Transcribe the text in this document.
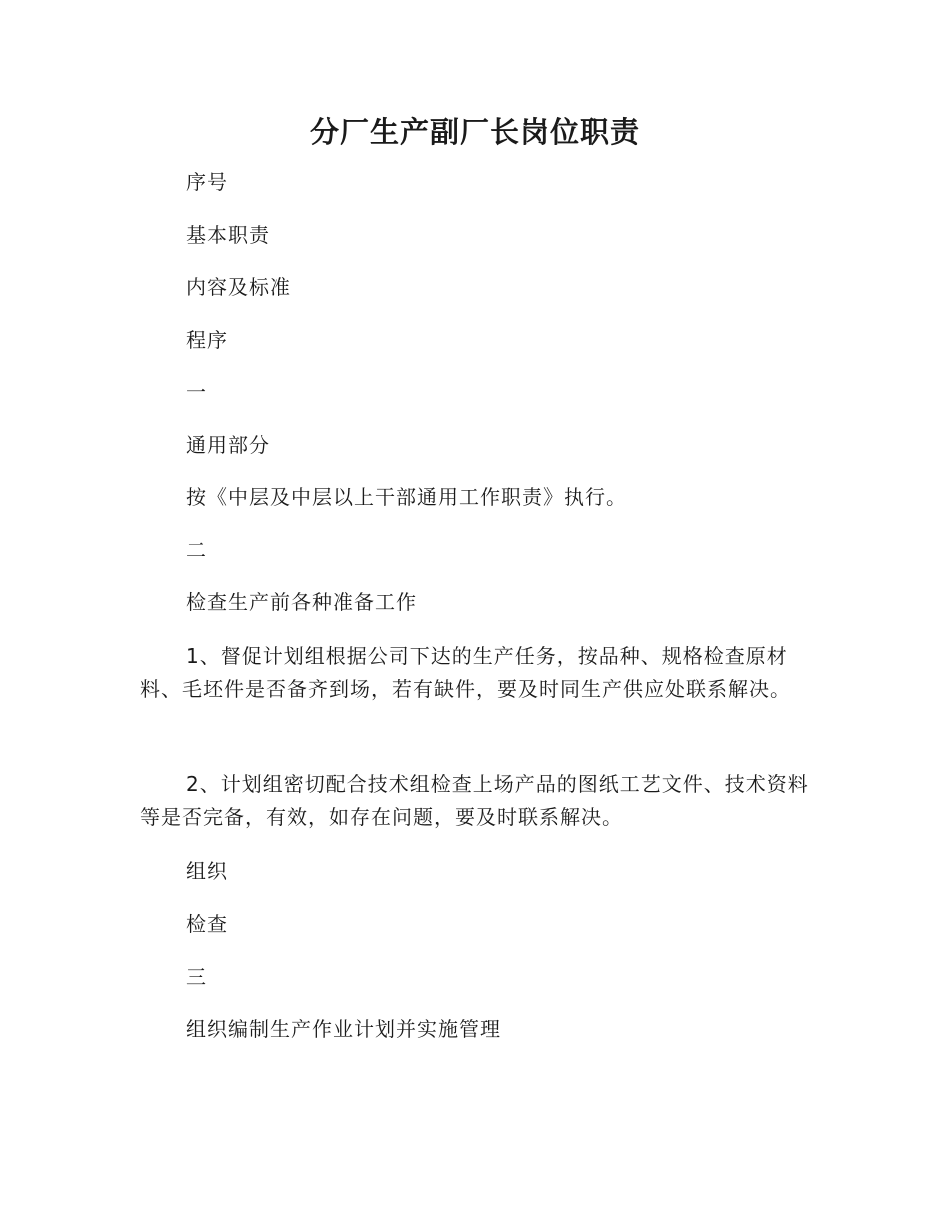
分厂生产副厂长岗位职责
序号
基本职责
内容及标准
程序
一
通用部分
按《中层及中层以上干部通用工作职责》执行。
二
检查生产前各种准备工作
1、督促计划组根据公司下达的生产任务，按品种、规格检查原材料、毛坯件是否备齐到场，若有缺件，要及时同生产供应处联系解决。
2、计划组密切配合技术组检查上场产品的图纸工艺文件、技术资料等是否完备，有效，如存在问题，要及时联系解决。
组织
检查
三
组织编制生产作业计划并实施管理
